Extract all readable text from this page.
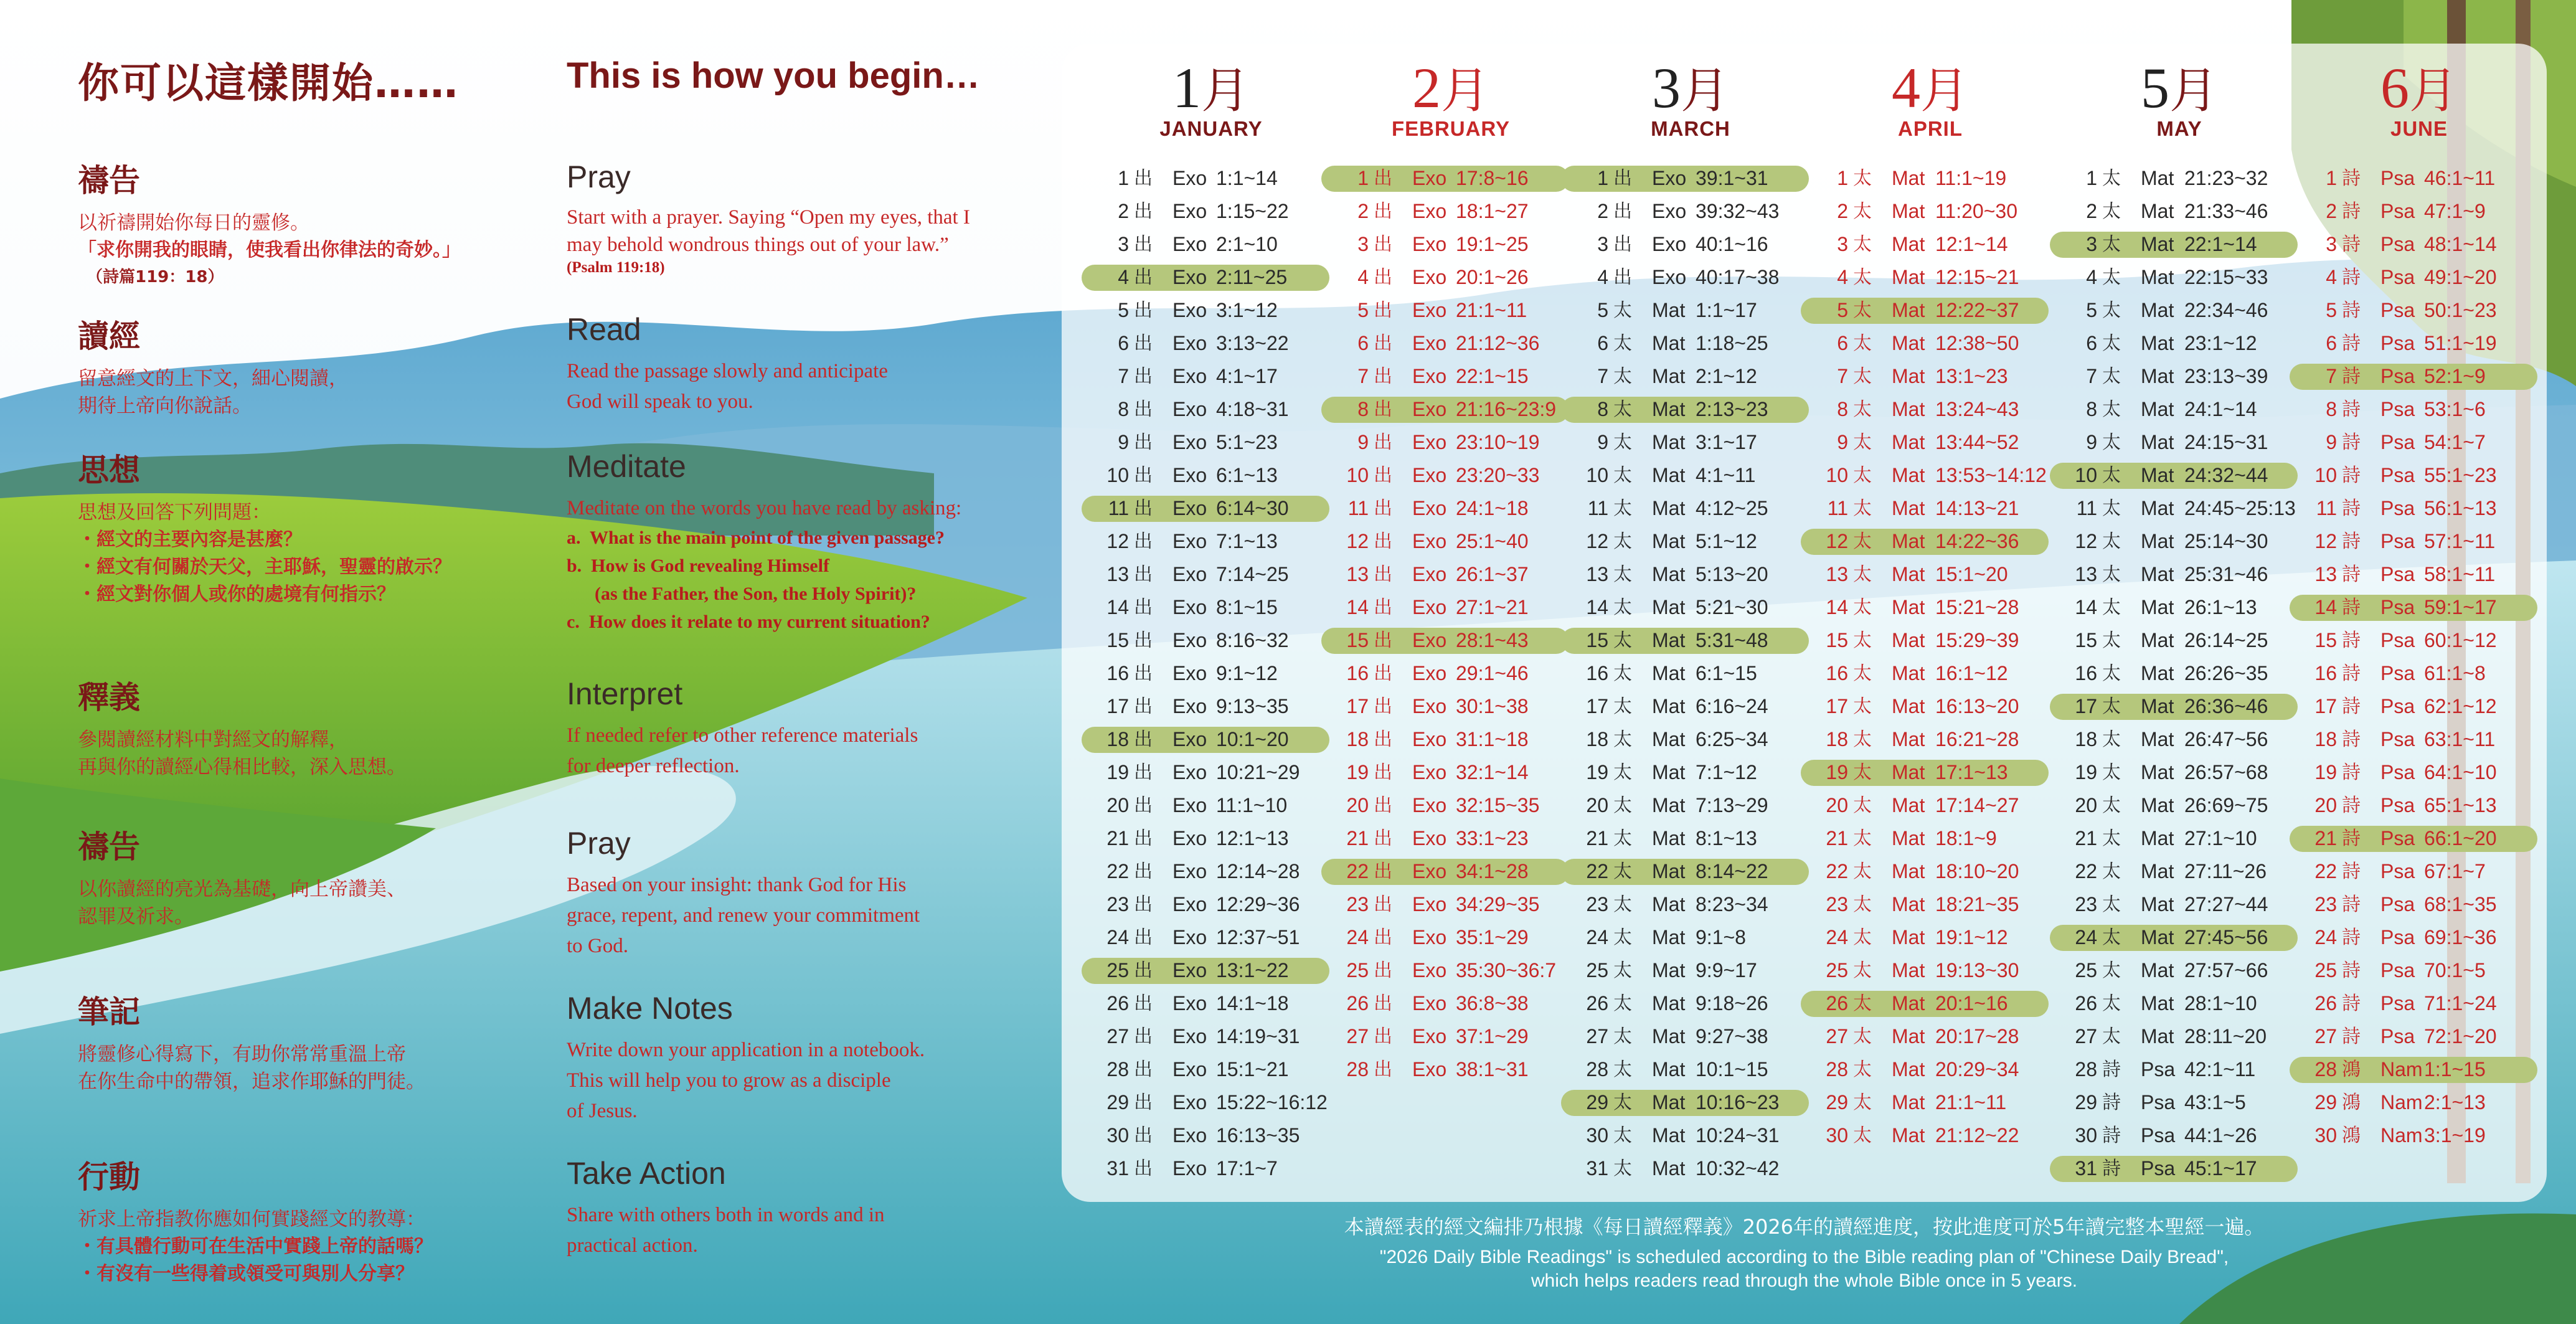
你可以這樣開始……
禱告
以祈禱開始你每日的靈修。
「求你開我的眼睛，使我看出你律法的奇妙。」
（詩篇119：18）
讀經
留意經文的上下文，細心閱讀，
期待上帝向你說話。
思想
思想及回答下列問題：
・經文的主要內容是甚麼？
・經文有何關於天父，主耶穌，聖靈的啟示？
・經文對你個人或你的處境有何指示？
釋義
參閱讀經材料中對經文的解釋，
再與你的讀經心得相比較，深入思想。
禱告
以你讀經的亮光為基礎，向上帝讚美、
認罪及祈求。
筆記
將靈修心得寫下，有助你常常重溫上帝
在你生命中的帶領，追求作耶穌的門徒。
行動
祈求上帝指教你應如何實踐經文的教導：
・有具體行動可在生活中實踐上帝的話嗎？
・有沒有一些得着或領受可與別人分享？
This is how you begin…
Pray
Start with a prayer. Saying “Open my eyes, that I
may behold wondrous things out of your law.”
(Psalm 119:18)
Read
Read the passage slowly and anticipate
God will speak to you.
Meditate
Meditate on the words you have read by asking:
a.  What is the main point of the given passage?
b.  How is God revealing Himself
(as the Father, the Son, the Holy Spirit)?
c.  How does it relate to my current situation?
Interpret
If needed refer to other reference materials
for deeper reflection.
Pray
Based on your insight: thank God for His
grace, repent, and renew your commitment
to God.
Make Notes
Write down your application in a notebook.
This will help you to grow as a disciple
of Jesus.
Take Action
Share with others both in words and in
practical action.
1月
JANUARY
1 出 Exo 1:1~14
2 出 Exo 1:15~22
3 出 Exo 2:1~10
4 出 Exo 2:11~25
5 出 Exo 3:1~12
6 出 Exo 3:13~22
7 出 Exo 4:1~17
8 出 Exo 4:18~31
9 出 Exo 5:1~23
10 出 Exo 6:1~13
11 出 Exo 6:14~30
12 出 Exo 7:1~13
13 出 Exo 7:14~25
14 出 Exo 8:1~15
15 出 Exo 8:16~32
16 出 Exo 9:1~12
17 出 Exo 9:13~35
18 出 Exo 10:1~20
19 出 Exo 10:21~29
20 出 Exo 11:1~10
21 出 Exo 12:1~13
22 出 Exo 12:14~28
23 出 Exo 12:29~36
24 出 Exo 12:37~51
25 出 Exo 13:1~22
26 出 Exo 14:1~18
27 出 Exo 14:19~31
28 出 Exo 15:1~21
29 出 Exo 15:22~16:12
30 出 Exo 16:13~35
31 出 Exo 17:1~7
2月
FEBRUARY
1 出 Exo 17:8~16
2 出 Exo 18:1~27
3 出 Exo 19:1~25
4 出 Exo 20:1~26
5 出 Exo 21:1~11
6 出 Exo 21:12~36
7 出 Exo 22:1~15
8 出 Exo 21:16~23:9
9 出 Exo 23:10~19
10 出 Exo 23:20~33
11 出 Exo 24:1~18
12 出 Exo 25:1~40
13 出 Exo 26:1~37
14 出 Exo 27:1~21
15 出 Exo 28:1~43
16 出 Exo 29:1~46
17 出 Exo 30:1~38
18 出 Exo 31:1~18
19 出 Exo 32:1~14
20 出 Exo 32:15~35
21 出 Exo 33:1~23
22 出 Exo 34:1~28
23 出 Exo 34:29~35
24 出 Exo 35:1~29
25 出 Exo 35:30~36:7
26 出 Exo 36:8~38
27 出 Exo 37:1~29
28 出 Exo 38:1~31
3月
MARCH
1 出 Exo 39:1~31
2 出 Exo 39:32~43
3 出 Exo 40:1~16
4 出 Exo 40:17~38
5 太 Mat 1:1~17
6 太 Mat 1:18~25
7 太 Mat 2:1~12
8 太 Mat 2:13~23
9 太 Mat 3:1~17
10 太 Mat 4:1~11
11 太 Mat 4:12~25
12 太 Mat 5:1~12
13 太 Mat 5:13~20
14 太 Mat 5:21~30
15 太 Mat 5:31~48
16 太 Mat 6:1~15
17 太 Mat 6:16~24
18 太 Mat 6:25~34
19 太 Mat 7:1~12
20 太 Mat 7:13~29
21 太 Mat 8:1~13
22 太 Mat 8:14~22
23 太 Mat 8:23~34
24 太 Mat 9:1~8
25 太 Mat 9:9~17
26 太 Mat 9:18~26
27 太 Mat 9:27~38
28 太 Mat 10:1~15
29 太 Mat 10:16~23
30 太 Mat 10:24~31
31 太 Mat 10:32~42
4月
APRIL
1 太 Mat 11:1~19
2 太 Mat 11:20~30
3 太 Mat 12:1~14
4 太 Mat 12:15~21
5 太 Mat 12:22~37
6 太 Mat 12:38~50
7 太 Mat 13:1~23
8 太 Mat 13:24~43
9 太 Mat 13:44~52
10 太 Mat 13:53~14:12
11 太 Mat 14:13~21
12 太 Mat 14:22~36
13 太 Mat 15:1~20
14 太 Mat 15:21~28
15 太 Mat 15:29~39
16 太 Mat 16:1~12
17 太 Mat 16:13~20
18 太 Mat 16:21~28
19 太 Mat 17:1~13
20 太 Mat 17:14~27
21 太 Mat 18:1~9
22 太 Mat 18:10~20
23 太 Mat 18:21~35
24 太 Mat 19:1~12
25 太 Mat 19:13~30
26 太 Mat 20:1~16
27 太 Mat 20:17~28
28 太 Mat 20:29~34
29 太 Mat 21:1~11
30 太 Mat 21:12~22
5月
MAY
1 太 Mat 21:23~32
2 太 Mat 21:33~46
3 太 Mat 22:1~14
4 太 Mat 22:15~33
5 太 Mat 22:34~46
6 太 Mat 23:1~12
7 太 Mat 23:13~39
8 太 Mat 24:1~14
9 太 Mat 24:15~31
10 太 Mat 24:32~44
11 太 Mat 24:45~25:13
12 太 Mat 25:14~30
13 太 Mat 25:31~46
14 太 Mat 26:1~13
15 太 Mat 26:14~25
16 太 Mat 26:26~35
17 太 Mat 26:36~46
18 太 Mat 26:47~56
19 太 Mat 26:57~68
20 太 Mat 26:69~75
21 太 Mat 27:1~10
22 太 Mat 27:11~26
23 太 Mat 27:27~44
24 太 Mat 27:45~56
25 太 Mat 27:57~66
26 太 Mat 28:1~10
27 太 Mat 28:11~20
28 詩 Psa 42:1~11
29 詩 Psa 43:1~5
30 詩 Psa 44:1~26
31 詩 Psa 45:1~17
6月
JUNE
1 詩 Psa 46:1~11
2 詩 Psa 47:1~9
3 詩 Psa 48:1~14
4 詩 Psa 49:1~20
5 詩 Psa 50:1~23
6 詩 Psa 51:1~19
7 詩 Psa 52:1~9
8 詩 Psa 53:1~6
9 詩 Psa 54:1~7
10 詩 Psa 55:1~23
11 詩 Psa 56:1~13
12 詩 Psa 57:1~11
13 詩 Psa 58:1~11
14 詩 Psa 59:1~17
15 詩 Psa 60:1~12
16 詩 Psa 61:1~8
17 詩 Psa 62:1~12
18 詩 Psa 63:1~11
19 詩 Psa 64:1~10
20 詩 Psa 65:1~13
21 詩 Psa 66:1~20
22 詩 Psa 67:1~7
23 詩 Psa 68:1~35
24 詩 Psa 69:1~36
25 詩 Psa 70:1~5
26 詩 Psa 71:1~24
27 詩 Psa 72:1~20
28 鴻 Nam 1:1~15
29 鴻 Nam 2:1~13
30 鴻 Nam 3:1~19
本讀經表的經文編排乃根據《每日讀經釋義》2026年的讀經進度，按此進度可於5年讀完整本聖經一遍。
"2026 Daily Bible Readings" is scheduled according to the Bible reading plan of "Chinese Daily Bread",
which helps readers read through the whole Bible once in 5 years.
